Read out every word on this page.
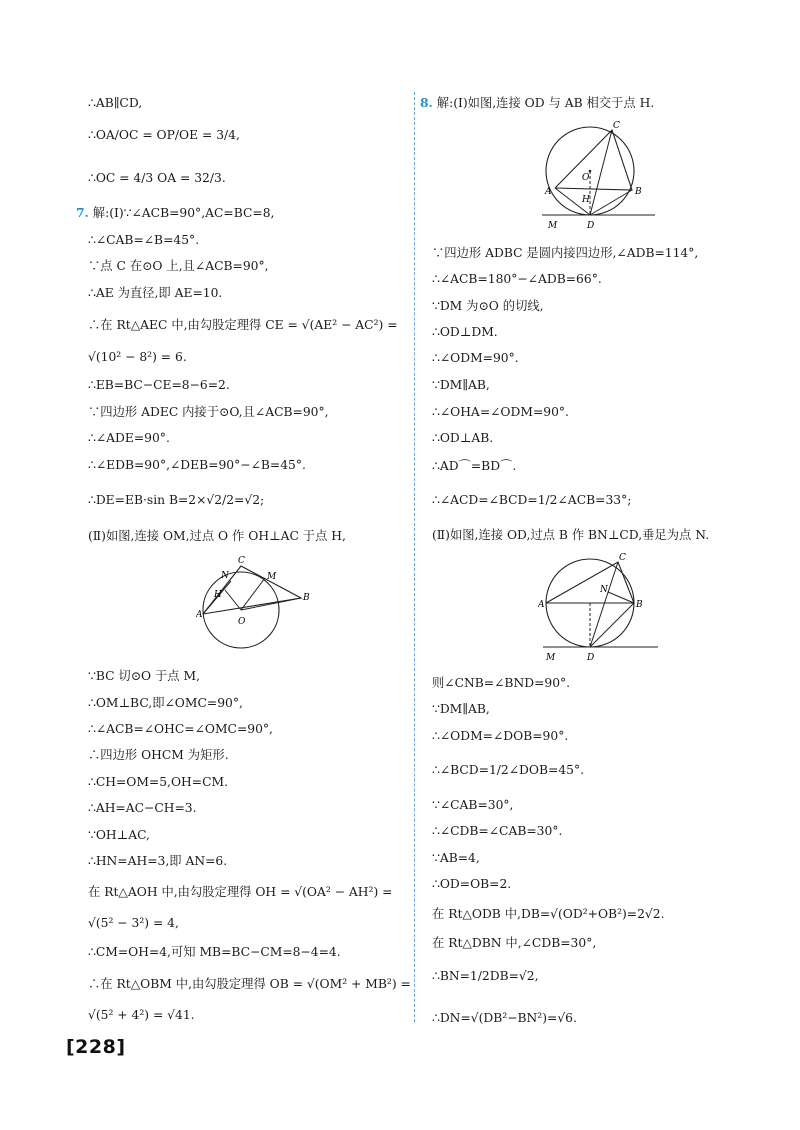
∴AB∥CD,
∴OA/OC = OP/OE = 3/4,
∴OC = 4/3 OA = 32/3.
7. 解:(Ⅰ)∵∠ACB=90°,AC=BC=8,
∴∠CAB=∠B=45°.
∵点 C 在⊙O 上,且∠ACB=90°,
∴AE 为直径,即 AE=10.
∴在 Rt△AEC 中,由勾股定理得 CE = √(AE² − AC²) =
√(10² − 8²) = 6.
∴EB=BC−CE=8−6=2.
∵四边形 ADEC 内接于⊙O,且∠ACB=90°,
∴∠ADE=90°.
∴∠EDB=90°,∠DEB=90°−∠B=45°.
∴DE=EB·sin B=2×√2/2=√2;
(Ⅱ)如图,连接 OM,过点 O 作 OH⊥AC 于点 H,
C
N	M
H
A
O
B
∵BC 切⊙O 于点 M,
∴OM⊥BC,即∠OMC=90°,
∴∠ACB=∠OHC=∠OMC=90°,
∴四边形 OHCM 为矩形.
∴CH=OM=5,OH=CM.
∴AH=AC−CH=3.
∵OH⊥AC,
∴HN=AH=3,即 AN=6.
在 Rt△AOH 中,由勾股定理得 OH = √(OA² − AH²) =
√(5² − 3²) = 4,
∴CM=OH=4,可知 MB=BC−CM=8−4=4.
∴在 Rt△OBM 中,由勾股定理得 OB = √(OM² + MB²) =
√(5² + 4²) = √41.
8. 解:(Ⅰ)如图,连接 OD 与 AB 相交于点 H.
C
O
H
A	B
M	D
∵四边形 ADBC 是圆内接四边形,∠ADB=114°,
∴∠ACB=180°−∠ADB=66°.
∵DM 为⊙O 的切线,
∴OD⊥DM.
∴∠ODM=90°.
∵DM∥AB,
∴∠OHA=∠ODM=90°.
∴OD⊥AB.
∴AD⌒=BD⌒.
∴∠ACD=∠BCD=1/2∠ACB=33°;
(Ⅱ)如图,连接 OD,过点 B 作 BN⊥CD,垂足为点 N.
C
N
A	B
M	D
则∠CNB=∠BND=90°.
∵DM∥AB,
∴∠ODM=∠DOB=90°.
∴∠BCD=1/2∠DOB=45°.
∵∠CAB=30°,
∴∠CDB=∠CAB=30°.
∵AB=4,
∴OD=OB=2.
在 Rt△ODB 中,DB=√(OD²+OB²)=2√2.
在 Rt△DBN 中,∠CDB=30°,
∴BN=1/2DB=√2,
∴DN=√(DB²−BN²)=√6.
[228]
